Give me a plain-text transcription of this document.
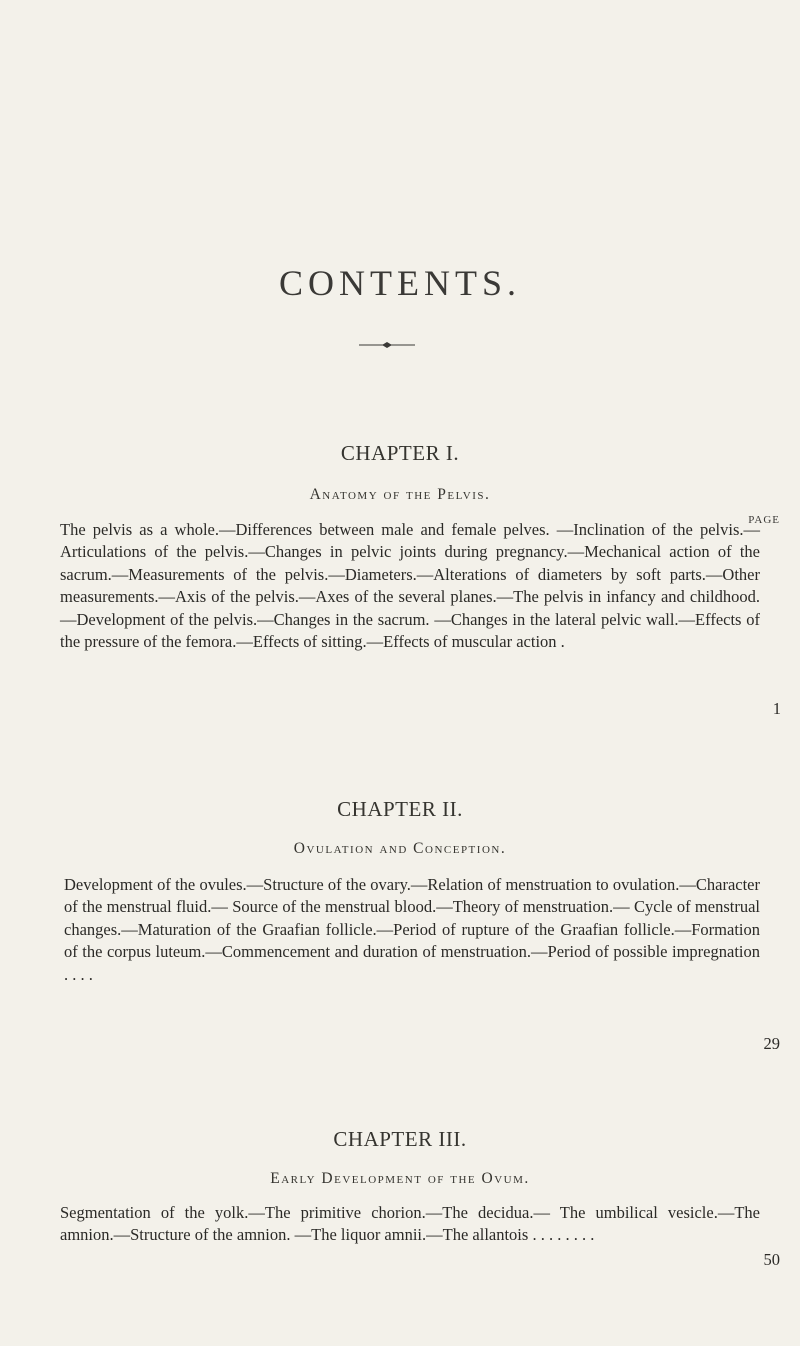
CONTENTS.
CHAPTER I.
Anatomy of the Pelvis.
PAGE
The pelvis as a whole.—Differences between male and female pelves. —Inclination of the pelvis.—Articulations of the pelvis.—Changes in pelvic joints during pregnancy.—Mechanical action of the sacrum.—Measurements of the pelvis.—Diameters.—Alterations of diameters by soft parts.—Other measurements.—Axis of the pelvis.—Axes of the several planes.—The pelvis in infancy and childhood.—Development of the pelvis.—Changes in the sacrum. —Changes in the lateral pelvic wall.—Effects of the pressure of the femora.—Effects of sitting.—Effects of muscular action .
1
CHAPTER II.
Ovulation and Conception.
Development of the ovules.—Structure of the ovary.—Relation of menstruation to ovulation.—Character of the menstrual fluid.— Source of the menstrual blood.—Theory of menstruation.— Cycle of menstrual changes.—Maturation of the Graafian follicle.—Period of rupture of the Graafian follicle.—Formation of the corpus luteum.—Commencement and duration of menstruation.—Period of possible impregnation . . . .
29
CHAPTER III.
Early Development of the Ovum.
Segmentation of the yolk.—The primitive chorion.—The decidua.— The umbilical vesicle.—The amnion.—Structure of the amnion. —The liquor amnii.—The allantois . . . . . . . .
50
